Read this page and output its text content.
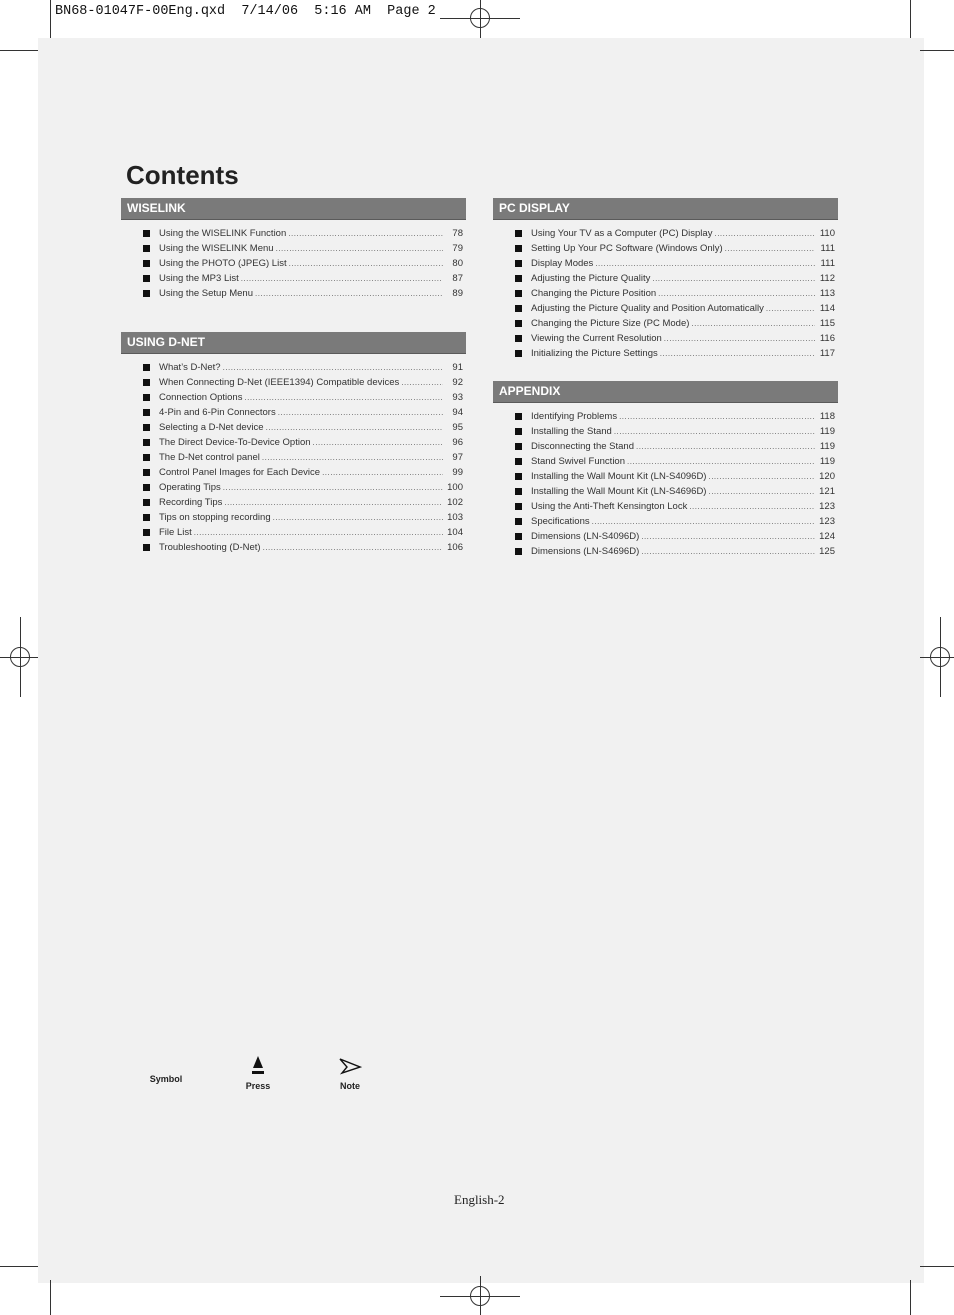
BN68-01047F-00Eng.qxd  7/14/06  5:16 AM  Page 2
Contents
WISELINK
Using the WISELINK Function .....	78
Using the WISELINK Menu .....	79
Using the PHOTO (JPEG) List .....	80
Using the MP3 List .....	87
Using the Setup Menu .....	89
USING D-NET
What’s D-Net? .....	91
When Connecting D-Net (IEEE1394) Compatible devices .....	92
Connection Options .....	93
4-Pin and 6-Pin Connectors .....	94
Selecting a D-Net device .....	95
The Direct Device-To-Device Option .....	96
The D-Net control panel .....	97
Control Panel Images for Each Device .....	99
Operating Tips .....	100
Recording Tips .....	102
Tips on stopping recording .....	103
File List .....	104
Troubleshooting (D-Net) .....	106
PC DISPLAY
Using Your TV as a Computer (PC) Display .....	110
Setting Up Your PC Software (Windows Only) .....	111
Display Modes .....	111
Adjusting the Picture Quality .....	112
Changing the Picture Position .....	113
Adjusting the Picture Quality and Position Automatically .....	114
Changing the Picture Size (PC Mode) .....	115
Viewing the Current Resolution .....	116
Initializing the Picture Settings .....	117
APPENDIX
Identifying Problems .....	118
Installing the Stand .....	119
Disconnecting the Stand .....	119
Stand Swivel Function .....	119
Installing the Wall Mount Kit (LN-S4096D) .....	120
Installing the Wall Mount Kit (LN-S4696D) .....	121
Using the Anti-Theft Kensington Lock .....	123
Specifications .....	123
Dimensions (LN-S4096D) .....	124
Dimensions (LN-S4696D) .....	125
Symbol
Press	Note
English-2
